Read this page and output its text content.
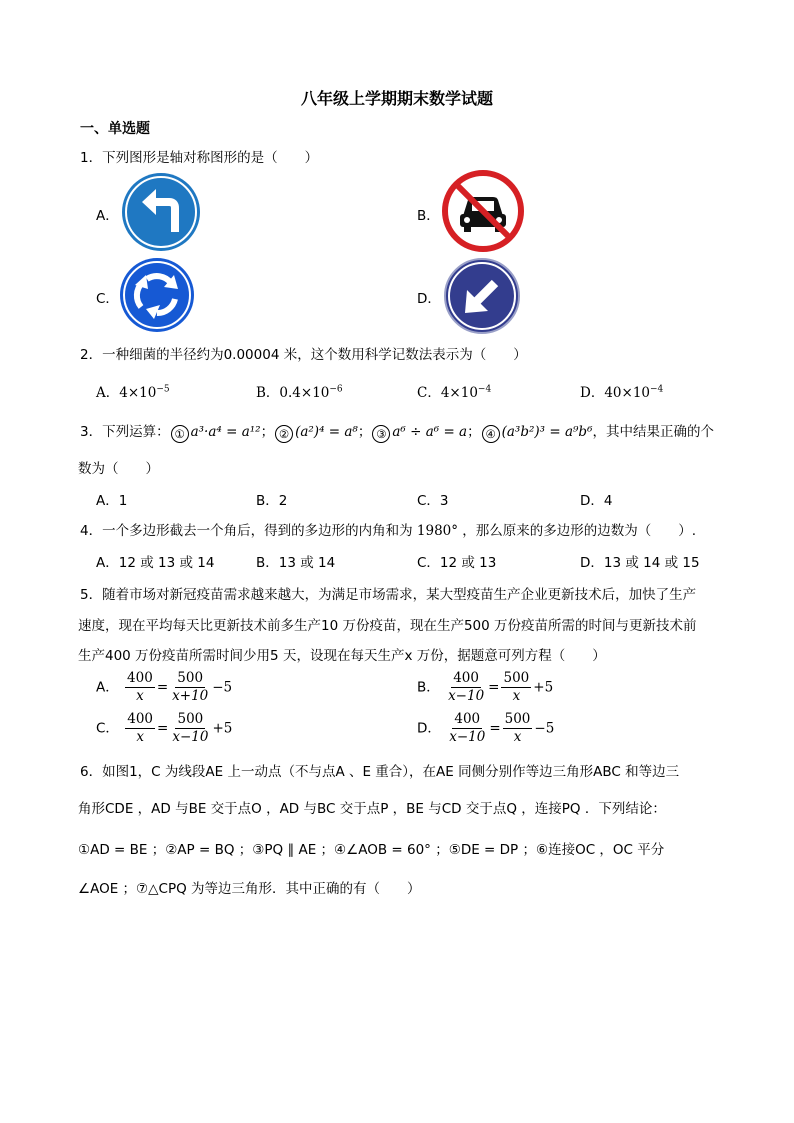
八年级上学期期末数学试题
一、单选题
1．下列图形是轴对称图形的是（　　）
A．	B．
C．	D．
2．一种细菌的半径约为0.00004 米，这个数用科学记数法表示为（　　）
A．$4\times 10^{-5}$	B．$0.4\times 10^{-6}$	C．$4\times 10^{-4}$	D．$40\times 10^{-4}$
3．下列运算： ① a³·a⁴ = a¹²； ② (a²)⁴ = a⁸； ③ a⁶ ÷ a⁶ = a； ④ (a³b²)³ = a⁹b⁶，其中结果正确的个
数为（　　）
A．1	B．2	C．3	D．4
4．一个多边形截去一个角后，得到的多边形的内角和为 1980° ，那么原来的多边形的边数为（　　）.
A．12 或 13 或 14	B．13 或 14	C．12 或 13	D．13 或 14 或 15
5．随着市场对新冠疫苗需求越来越大，为满足市场需求，某大型疫苗生产企业更新技术后，加快了生产
速度，现在平均每天比更新技术前多生产10 万份疫苗，现在生产500 万份疫苗所需的时间与更新技术前
生产400 万份疫苗所需时间少用5 天，设现在每天生产x 万份，据题意可列方程（　　）
A． $\frac{400}{x} = \frac{500}{x+10} -5$	B． $\frac{400}{x-10} = \frac{500}{x} +5$
C． $\frac{400}{x} = \frac{500}{x-10} +5$	D． $\frac{400}{x-10} = \frac{500}{x} -5$
6．如图1，C 为线段AE 上一动点（不与点A 、E 重合），在AE 同侧分别作等边三角形ABC 和等边三
角形CDE ，AD 与BE 交于点O ，AD 与BC 交于点P ，BE 与CD 交于点Q ，连接PQ ．下列结论：
①AD = BE ；②AP = BQ ；③PQ ∥ AE ；④∠AOB = 60° ；⑤DE = DP ；⑥连接OC ，OC 平分
∠AOE ；⑦△CPQ 为等边三角形．其中正确的有（　　）
